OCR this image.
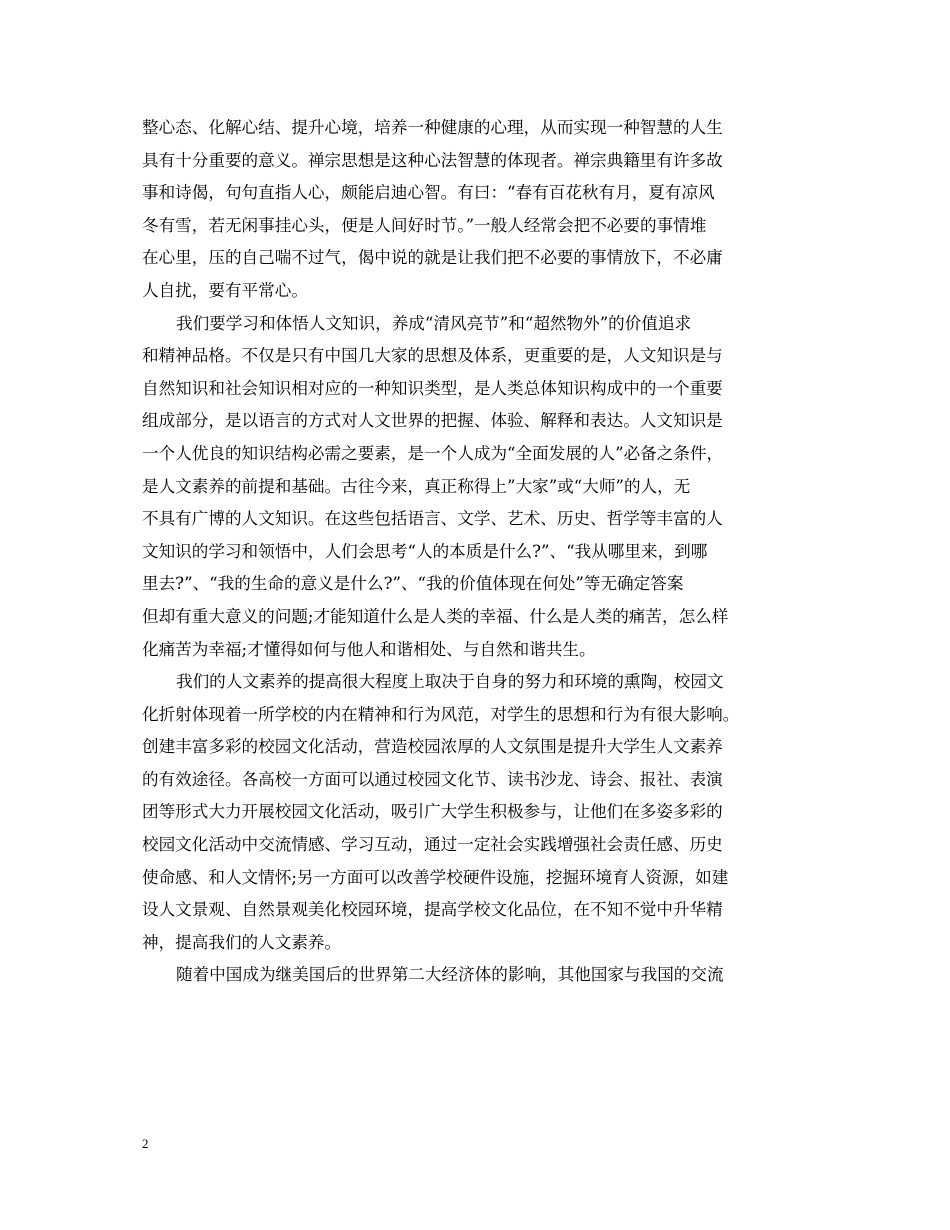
整心态、化解心结、提升心境，培养一种健康的心理，从而实现一种智慧的人生
具有十分重要的意义。禅宗思想是这种心法智慧的体现者。禅宗典籍里有许多故
事和诗偈，句句直指人心，颇能启迪心智。有曰：“春有百花秋有月，夏有凉风
冬有雪，若无闲事挂心头，便是人间好时节。”一般人经常会把不必要的事情堆
在心里，压的自己喘不过气，偈中说的就是让我们把不必要的事情放下，不必庸
人自扰，要有平常心。
我们要学习和体悟人文知识，养成“清风亮节”和“超然物外”的价值追求
和精神品格。不仅是只有中国几大家的思想及体系，更重要的是，人文知识是与
自然知识和社会知识相对应的一种知识类型，是人类总体知识构成中的一个重要
组成部分，是以语言的方式对人文世界的把握、体验、解释和表达。人文知识是
一个人优良的知识结构必需之要素，是一个人成为“全面发展的人”必备之条件，
是人文素养的前提和基础。古往今来，真正称得上”大家”或“大师”的人，无
不具有广博的人文知识。在这些包括语言、文学、艺术、历史、哲学等丰富的人
文知识的学习和领悟中，人们会思考“人的本质是什么?”、“我从哪里来，到哪
里去?”、“我的生命的意义是什么?”、“我的价值体现在何处”等无确定答案
但却有重大意义的问题;才能知道什么是人类的幸福、什么是人类的痛苦，怎么样
化痛苦为幸福;才懂得如何与他人和谐相处、与自然和谐共生。
我们的人文素养的提高很大程度上取决于自身的努力和环境的熏陶，校园文
化折射体现着一所学校的内在精神和行为风范，对学生的思想和行为有很大影响。
创建丰富多彩的校园文化活动，营造校园浓厚的人文氛围是提升大学生人文素养
的有效途径。各高校一方面可以通过校园文化节、读书沙龙、诗会、报社、表演
团等形式大力开展校园文化活动，吸引广大学生积极参与，让他们在多姿多彩的
校园文化活动中交流情感、学习互动，通过一定社会实践增强社会责任感、历史
使命感、和人文情怀;另一方面可以改善学校硬件设施，挖掘环境育人资源，如建
设人文景观、自然景观美化校园环境，提高学校文化品位，在不知不觉中升华精
神，提高我们的人文素养。
随着中国成为继美国后的世界第二大经济体的影响，其他国家与我国的交流
2
